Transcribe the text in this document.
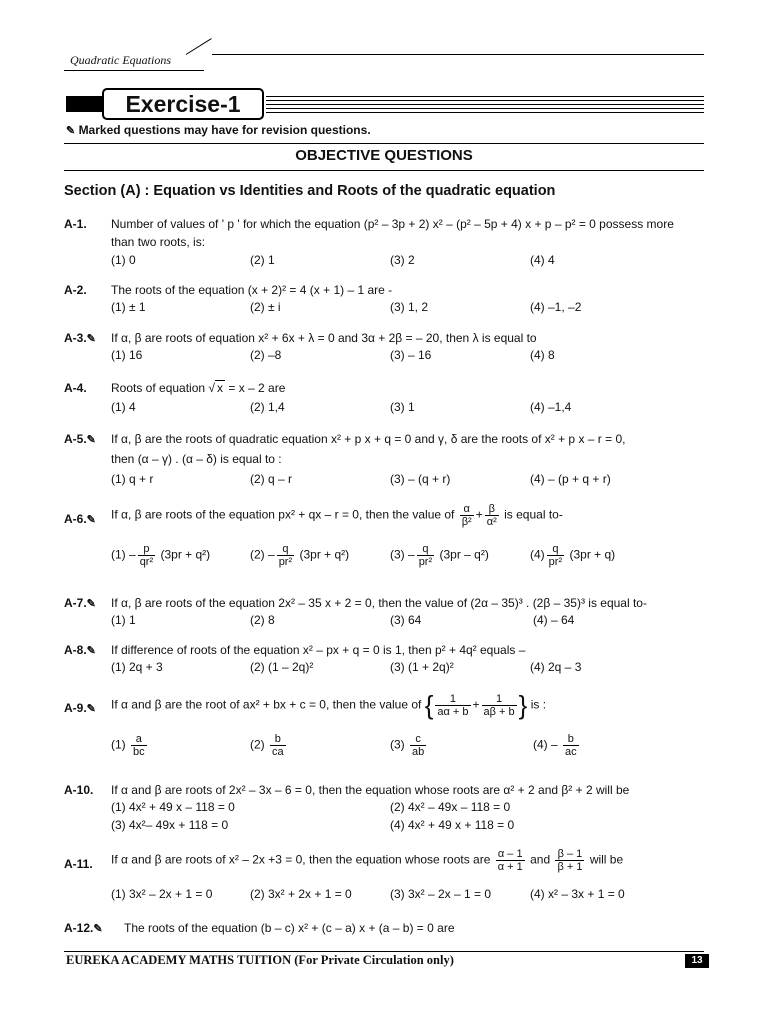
Quadratic Equations
Exercise-1
✎ Marked questions may have for revision questions.
OBJECTIVE QUESTIONS
Section (A) : Equation vs Identities and Roots of the quadratic equation
A-1. Number of values of ' p ' for which the equation (p² – 3p + 2) x² – (p² – 5p + 4) x + p – p² = 0 possess more
than two roots, is:
(1) 0	(2) 1	(3) 2	(4) 4
A-2. The roots of the equation (x + 2)² = 4 (x + 1) – 1 are -
(1) ± 1	(2) ± i	(3) 1, 2	(4) –1, –2
A-3.✎ If α, β are roots of equation x² + 6x + λ = 0 and 3α + 2β = – 20, then λ is equal to
(1) 16	(2) –8	(3) – 16	(4) 8
A-4. Roots of equation √ x = x – 2 are
(1) 4	(2) 1,4	(3) 1	(4) –1,4
A-5.✎ If α, β are the roots of quadratic equation x² + p x + q = 0 and γ, δ are the roots of x² + p x – r = 0,
then (α – γ) . (α – δ) is equal to :
(1) q + r	(2) q – r	(3) – (q + r)	(4) – (p + q + r)
A-6.✎ If α, β are roots of the equation px² + qx – r = 0, then the value of $\frac{\alpha}{\text{β²}} + \frac{\beta}{\text{α²}}$ is equal to-
$(1) - \frac{p}{\text{qr²}} (3pr + q^2)$	$(2) - \frac{q}{\text{pr²}} (3pr + q^2)$	$(3) - \frac{q}{\text{pr²}} (3pr - q^2)$	$(4) \frac{q}{\text{pr²}} (3pr + q)$
A-7.✎ If α, β are roots of the equation 2x² – 35 x + 2 = 0, then the value of (2α – 35)³ . (2β – 35)³ is equal to-
(1) 1	(2) 8	(3) 64	(4) – 64
A-8.✎ If difference of roots of the equation x² – px + q = 0 is 1, then p² + 4q² equals –
(1) 2q + 3	(2) (1 – 2q)²	(3) (1 + 2q)²	(4) 2q – 3
A-9.✎ If α and β are the root of ax² + bx + c = 0, then the value of { $\frac{1}{a\alpha + b} + \frac{1}{a\beta + b}$ } is :
$(1) \frac{a}{bc}$	$(2) \frac{b}{ca}$	$(3) \frac{c}{ab}$	$(4) - \frac{b}{ac}$
A-10. If α and β are roots of 2x² – 3x – 6 = 0, then the equation whose roots are α² + 2 and β² + 2 will be
(1) 4x² + 49 x – 118 = 0	(2) 4x² – 49x – 118 = 0
(3) 4x²– 49x + 118 = 0	(4) 4x² + 49 x + 118 = 0
A-11. If α and β are roots of x² – 2x +3 = 0, then the equation whose roots are $\frac{\alpha - 1}{\alpha + 1}$ and $\frac{\beta - 1}{\beta + 1}$ will be
(1) 3x² – 2x + 1 = 0	(2) 3x² + 2x + 1 = 0	(3) 3x² – 2x – 1 = 0	(4) x² – 3x + 1 = 0
A-12.✎ The roots of the equation (b – c) x² + (c – a) x + (a – b) = 0 are
EUREKA ACADEMY MATHS TUITION (For Private Circulation only)	13
